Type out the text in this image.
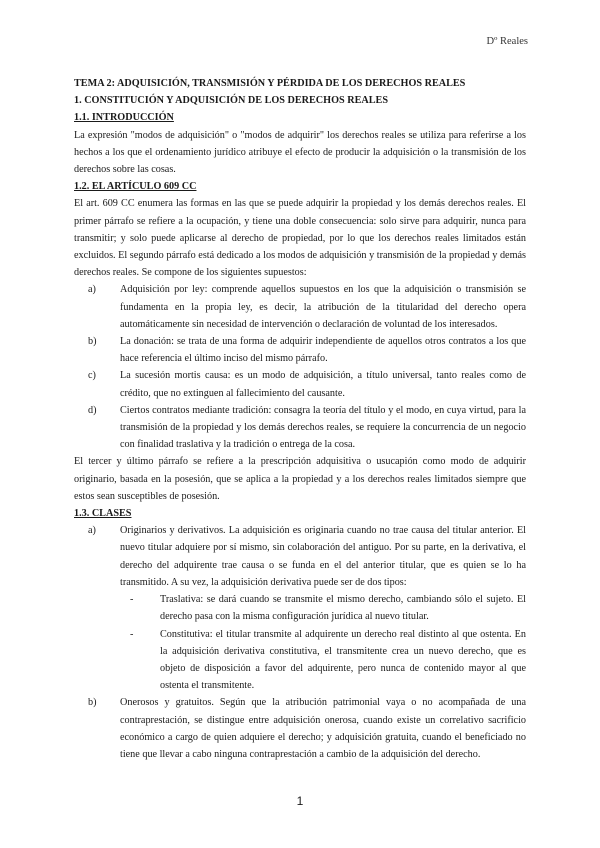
Dº Reales
TEMA 2: ADQUISICIÓN, TRANSMISIÓN Y PÉRDIDA DE LOS DERECHOS REALES
1. CONSTITUCIÓN Y ADQUISICIÓN DE LOS DERECHOS REALES
1.1. INTRODUCCIÓN

La expresión "modos de adquisición" o "modos de adquirir" los derechos reales se utiliza para referirse a los hechos a los que el ordenamiento jurídico atribuye el efecto de producir la adquisición o la transmisión de los derechos sobre las cosas.

1.2. EL ARTÍCULO 609 CC

El art. 609 CC enumera las formas en las que se puede adquirir la propiedad y los demás derechos reales. El primer párrafo se refiere a la ocupación, y tiene una doble consecuencia: solo sirve para adquirir, nunca para transmitir; y solo puede aplicarse al derecho de propiedad, por lo que los derechos reales limitados están excluidos. El segundo párrafo está dedicado a los modos de adquisición y transmisión de la propiedad y demás derechos reales. Se compone de los siguientes supuestos:

a)	Adquisición por ley: comprende aquellos supuestos en los que la adquisición o transmisión se fundamenta en la propia ley, es decir, la atribución de la titularidad del derecho opera automáticamente sin necesidad de intervención o declaración de voluntad de los interesados.
b)	La donación: se trata de una forma de adquirir independiente de aquellos otros contratos a los que hace referencia el último inciso del mismo párrafo.
c)	La sucesión mortis causa: es un modo de adquisición, a título universal, tanto reales como de crédito, que no extinguen al fallecimiento del causante.
d)	Ciertos contratos mediante tradición: consagra la teoría del título y el modo, en cuya virtud, para la transmisión de la propiedad y los demás derechos reales, se requiere la concurrencia de un negocio con finalidad traslativa y la tradición o entrega de la cosa.

El tercer y último párrafo se refiere a la prescripción adquisitiva o usucapión como modo de adquirir originario, basada en la posesión, que se aplica a la propiedad y a los derechos reales limitados siempre que estos sean susceptibles de posesión.

1.3. CLASES
a)	Originarios y derivativos. La adquisición es originaria cuando no trae causa del titular anterior. El nuevo titular adquiere por sí mismo, sin colaboración del antiguo. Por su parte, en la derivativa, el derecho del adquirente trae causa o se funda en el del anterior titular, que es quien se lo ha transmitido. A su vez, la adquisición derivativa puede ser de dos tipos:
-	Traslativa: se dará cuando se transmite el mismo derecho, cambiando sólo el sujeto. El derecho pasa con la misma configuración jurídica al nuevo titular.
-	Constitutiva: el titular transmite al adquirente un derecho real distinto al que ostenta. En la adquisición derivativa constitutiva, el transmitente crea un nuevo derecho, que es objeto de disposición a favor del adquirente, pero nunca de contenido mayor al que ostenta el transmitente.
b)	Onerosos y gratuitos. Según que la atribución patrimonial vaya o no acompañada de una contraprestación, se distingue entre adquisición onerosa, cuando existe un correlativo sacrificio económico a cargo de quien adquiere el derecho; y adquisición gratuita, cuando el beneficiado no tiene que llevar a cabo ninguna contraprestación a cambio de la adquisición del derecho.
1
